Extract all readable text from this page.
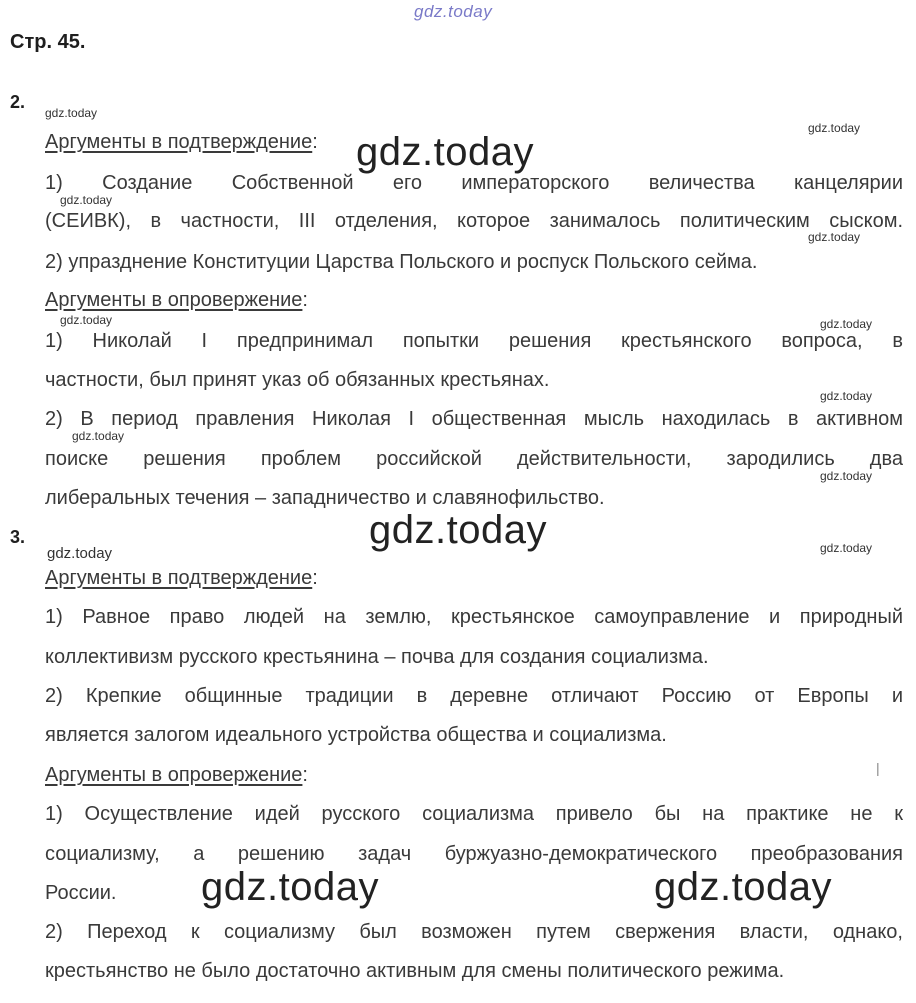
gdz.today
Стр. 45.
2.
gdz.today
gdz.today
Аргументы в подтверждение: gdz.today
1) Создание Собственной его императорского величества канцелярии
gdz.today
(СЕИВК), в частности, III отделения, которое занималось политическим сыском.
gdz.today
2) упразднение Конституции Царства Польского и роспуск Польского сейма.
Аргументы в опровержение:
gdz.today	gdz.today
1) Николай I предпринимал попытки решения крестьянского вопроса, в
частности, был принят указ об обязанных крестьянах.
gdz.today
2) В период правления Николая I общественная мысль находилась в активном
gdz.today
поиске решения проблем российской действительности, зародились два
gdz.today
либеральных течения – западничество и славянофильство.
3.	gdz.today
gdz.today	gdz.today
Аргументы в подтверждение:
1) Равное право людей на землю, крестьянское самоуправление и природный
коллективизм русского крестьянина – почва для создания социализма.
2) Крепкие общинные традиции в деревне отличают Россию от Европы и
является залогом идеального устройства общества и социализма.
Аргументы в опровержение:	|
1) Осуществление идей русского социализма привело бы на практике не к
социализму, а решению задач буржуазно-демократического преобразования
России. gdz.today	gdz.today
2) Переход к социализму был возможен путем свержения власти, однако,
крестьянство не было достаточно активным для смены политического режима.
